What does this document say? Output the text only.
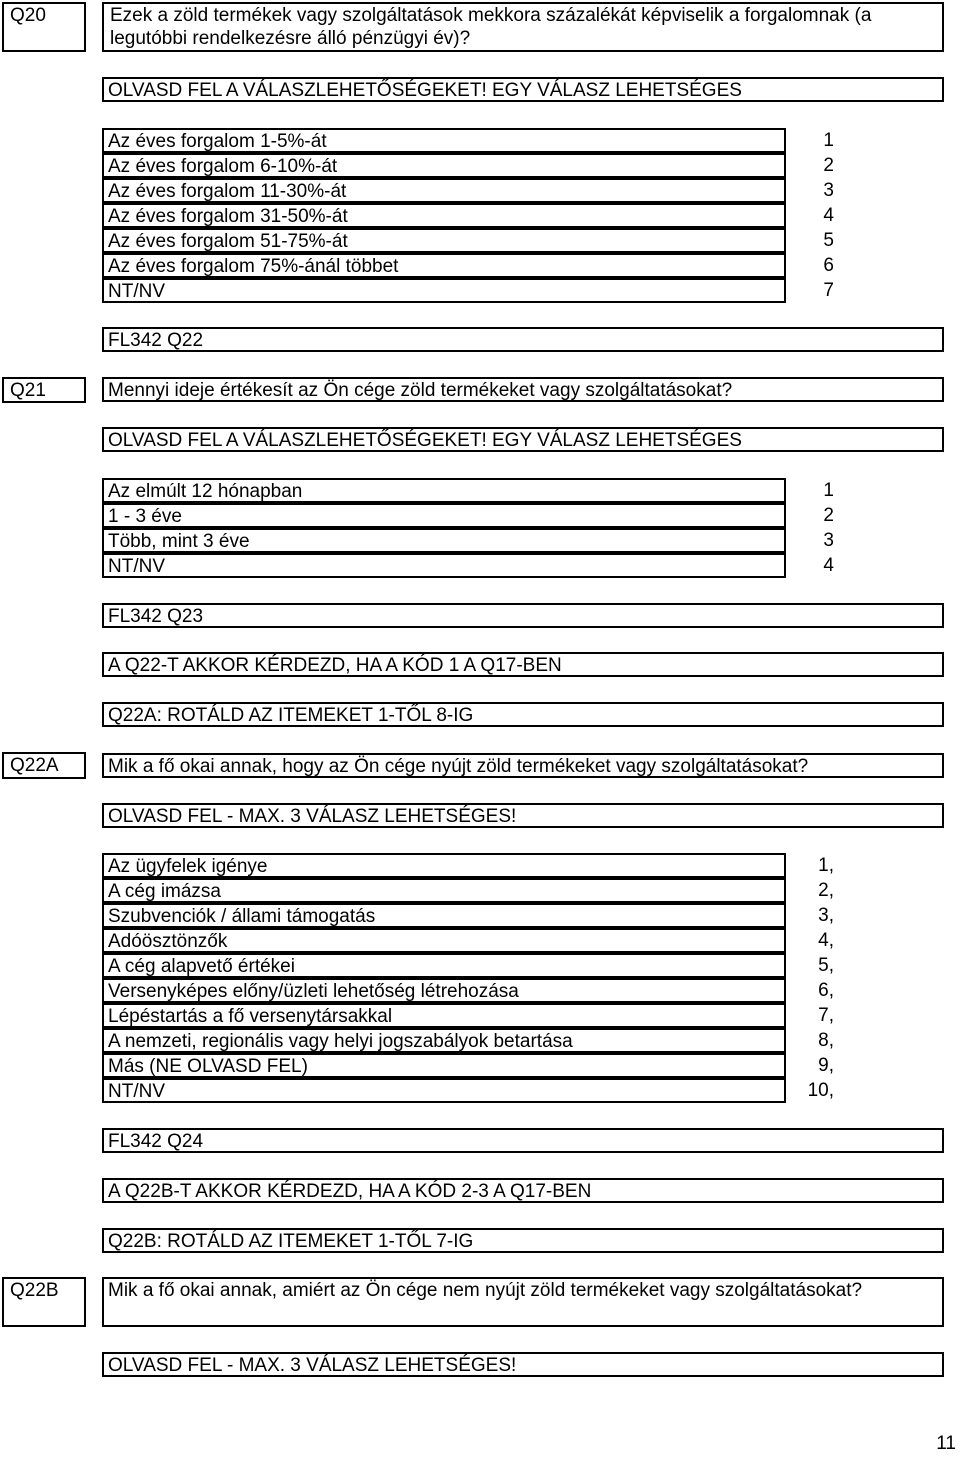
Q20	Ezek a zöld termékek vagy szolgáltatások mekkora százalékát képviselik a forgalomnak (a legutóbbi rendelkezésre álló pénzügyi év)?
OLVASD FEL A VÁLASZLEHETŐSÉGEKET! EGY VÁLASZ LEHETSÉGES
Az éves forgalom 1-5%-át	1
Az éves forgalom 6-10%-át	2
Az éves forgalom 11-30%-át	3
Az éves forgalom 31-50%-át	4
Az éves forgalom 51-75%-át	5
Az éves forgalom 75%-ánál többet	6
NT/NV	7
FL342 Q22
Q21	Mennyi ideje értékesít az Ön cége zöld termékeket vagy szolgáltatásokat?
OLVASD FEL A VÁLASZLEHETŐSÉGEKET! EGY VÁLASZ LEHETSÉGES
Az elmúlt 12 hónapban	1
1 - 3 éve	2
Több, mint 3 éve	3
NT/NV	4
FL342 Q23
A Q22-T AKKOR KÉRDEZD, HA A KÓD 1 A Q17-BEN
Q22A: ROTÁLD AZ ITEMEKET 1-TŐL 8-IG
Q22A	Mik a fő okai annak, hogy az Ön cége nyújt zöld termékeket vagy szolgáltatásokat?
OLVASD FEL - MAX. 3 VÁLASZ LEHETSÉGES!
Az ügyfelek igénye	1,
A cég imázsa	2,
Szubvenciók / állami támogatás	3,
Adóösztönzők	4,
A cég alapvető értékei	5,
Versenyképes előny/üzleti lehetőség létrehozása	6,
Lépéstartás a fő versenytársakkal	7,
A nemzeti, regionális vagy helyi jogszabályok betartása	8,
Más (NE OLVASD FEL)	9,
NT/NV	10,
FL342 Q24
A Q22B-T AKKOR KÉRDEZD, HA A KÓD 2-3 A Q17-BEN
Q22B: ROTÁLD AZ ITEMEKET 1-TŐL 7-IG
Q22B	Mik a fő okai annak, amiért az Ön cége nem nyújt zöld termékeket vagy szolgáltatásokat?
OLVASD FEL - MAX. 3 VÁLASZ LEHETSÉGES!
11
